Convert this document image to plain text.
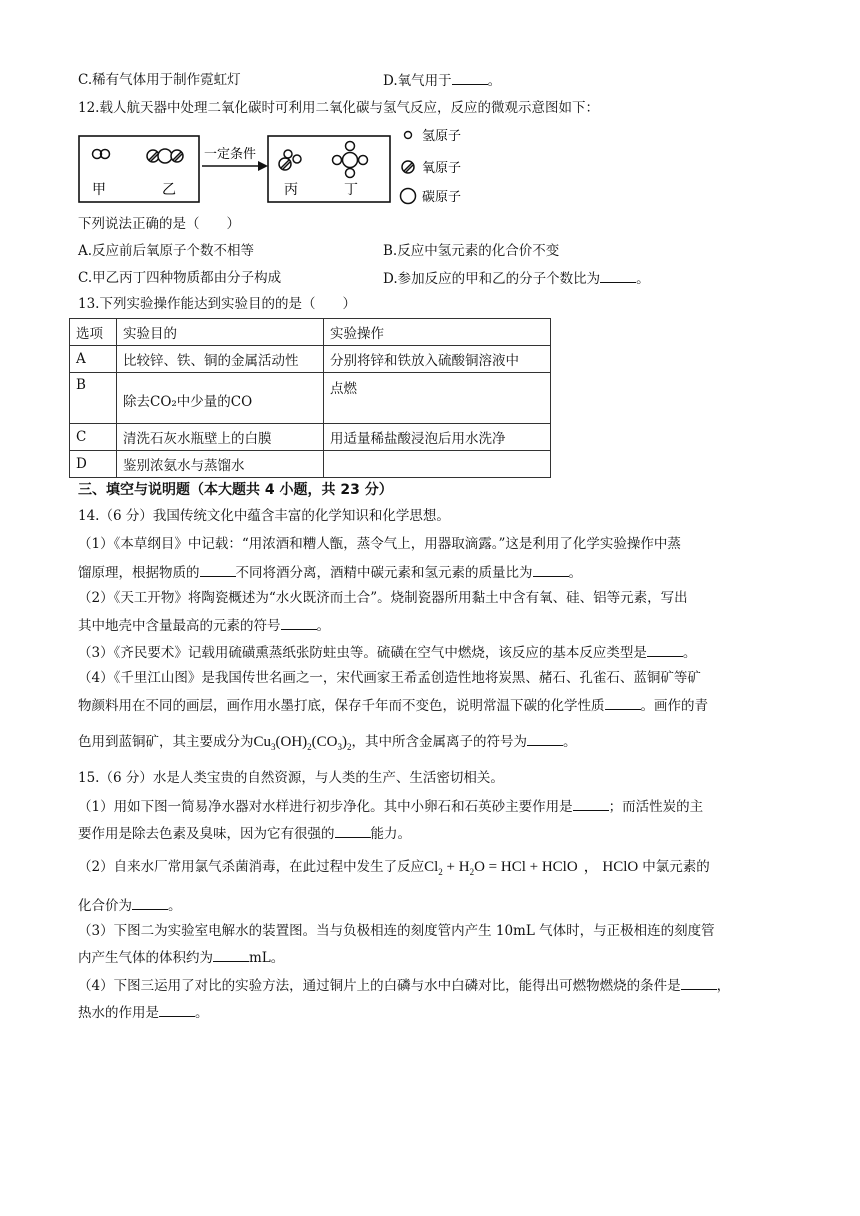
C.稀有气体用于制作霓虹灯	D.氧气用于	。
12.载人航天器中处理二氧化碳时可利用二氧化碳与氢气反应，反应的微观示意图如下：
甲	乙
一定条件
丙	丁
氢原子
氧原子
碳原子
下列说法正确的是（　　）
A.反应前后氧原子个数不相等	B.反应中氢元素的化合价不变
C.甲乙丙丁四种物质都由分子构成	D.参加反应的甲和乙的分子个数比为	。
13.下列实验操作能达到实验目的的是（　　）
选项	实验目的	实验操作
A	比较锌、铁、铜的金属活动性	分别将锌和铁放入硫酸铜溶液中
B	除去CO₂中少量的CO	点燃
C	清洗石灰水瓶壁上的白膜	用适量稀盐酸浸泡后用水洗净
D	鉴别浓氨水与蒸馏水	
三、填空与说明题（本大题共 4 小题，共 23 分）
14.（6 分）我国传统文化中蕴含丰富的化学知识和化学思想。
（1）《本草纲目》中记载：“用浓酒和糟人甑，蒸令气上，用器取滴露。”这是利用了化学实验操作中蒸
馏原理，根据物质的	不同将酒分离，酒精中碳元素和氢元素的质量比为	。
（2）《天工开物》将陶瓷概述为“水火既济而土合”。烧制瓷器所用黏土中含有氧、硅、铝等元素，写出
其中地壳中含量最高的元素的符号	。
（3）《齐民要术》记载用硫磺熏蒸纸张防蛀虫等。硫磺在空气中燃烧，该反应的基本反应类型是	。
（4）《千里江山图》是我国传世名画之一，宋代画家王希孟创造性地将炭黑、赭石、孔雀石、蓝铜矿等矿
物颜料用在不同的画层，画作用水墨打底，保存千年而不变色，说明常温下碳的化学性质	。画作的青
色用到蓝铜矿，其主要成分为$Cu_3(OH)_2(CO_3)_2$，其中所含金属离子的符号为	。
15.（6 分）水是人类宝贵的自然资源，与人类的生产、生活密切相关。
（1）用如下图一简易净水器对水样进行初步净化。其中小卵石和石英砂主要作用是	；而活性炭的主
要作用是除去色素及臭味，因为它有很强的	能力。
（2）自来水厂常用氯气杀菌消毒，在此过程中发生了反应$Cl_2 + H_2O$ = HCl + HClO ， HClO 中氯元素的
化合价为	。
（3）下图二为实验室电解水的装置图。当与负极相连的刻度管内产生 10mL 气体时，与正极相连的刻度管
内产生气体的体积约为	mL。
（4）下图三运用了对比的实验方法，通过铜片上的白磷与水中白磷对比，能得出可燃物燃烧的条件是	，
热水的作用是	。
